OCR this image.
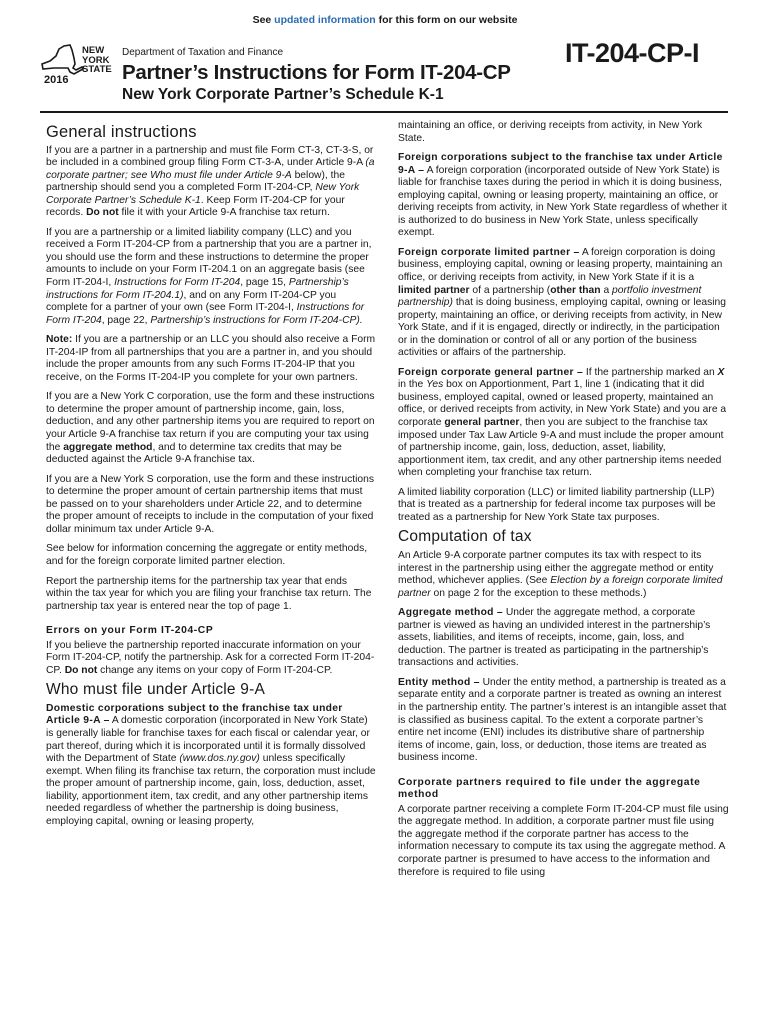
See updated information for this form on our website
NEW
YORK
STATE
2016
Department of Taxation and Finance	IT-204-CP-I
Partner’s Instructions for Form IT-204-CP
New York Corporate Partner’s Schedule K-1
General instructions

If you are a partner in a partnership and must file Form CT-3, CT-3-S, or be included in a combined group filing Form CT-3-A, under Article 9-A (a corporate partner; see Who must file under Article 9-A below), the partnership should send you a completed Form IT-204-CP, New York Corporate Partner’s Schedule K-1. Keep Form IT-204-CP for your records. Do not file it with your Article 9-A franchise tax return.

If you are a partnership or a limited liability company (LLC) and you received a Form IT-204-CP from a partnership that you are a partner in, you should use the form and these instructions to determine the proper amounts to include on your Form IT-204.1 on an aggregate basis (see Form IT-204-I, Instructions for Form IT-204, page 15, Partnership’s instructions for Form IT-204.1), and on any Form IT-204-CP you complete for a partner of your own (see Form IT-204-I, Instructions for Form IT-204, page 22, Partnership’s instructions for Form IT-204-CP).

Note: If you are a partnership or an LLC you should also receive a Form IT-204-IP from all partnerships that you are a partner in, and you should include the proper amounts from any such Forms IT-204-IP that you receive, on the Forms IT-204-IP you complete for your own partners.

If you are a New York C corporation, use the form and these instructions to determine the proper amount of partnership income, gain, loss, deduction, and any other partnership items you are required to report on your Article 9-A franchise tax return if you are computing your tax using the aggregate method, and to determine tax credits that may be deducted against the Article 9-A franchise tax.

If you are a New York S corporation, use the form and these instructions to determine the proper amount of certain partnership items that must be passed on to your shareholders under Article 22, and to determine the proper amount of receipts to include in the computation of your fixed dollar minimum tax under Article 9-A.

See below for information concerning the aggregate or entity methods, and for the foreign corporate limited partner election.

Report the partnership items for the partnership tax year that ends within the tax year for which you are filing your franchise tax return. The partnership tax year is entered near the top of page 1.

Errors on your Form IT-204-CP

If you believe the partnership reported inaccurate information on your Form IT-204-CP, notify the partnership. Ask for a corrected Form IT-204-CP. Do not change any items on your copy of Form IT-204-CP.

Who must file under Article 9-A

Domestic corporations subject to the franchise tax under Article 9-A – A domestic corporation (incorporated in New York State) is generally liable for franchise taxes for each fiscal or calendar year, or part thereof, during which it is incorporated until it is formally dissolved with the Department of State (www.dos.ny.gov) unless specifically exempt. When filing its franchise tax return, the corporation must include the proper amount of partnership income, gain, loss, deduction, asset, liability, apportionment item, tax credit, and any other partnership items needed regardless of whether the partnership is doing business, employing capital, owning or leasing property,

maintaining an office, or deriving receipts from activity, in New York State.

Foreign corporations subject to the franchise tax under Article 9-A – A foreign corporation (incorporated outside of New York State) is liable for franchise taxes during the period in which it is doing business, employing capital, owning or leasing property, maintaining an office, or deriving receipts from activity, in New York State regardless of whether it is authorized to do business in New York State, unless specifically exempt.

Foreign corporate limited partner – A foreign corporation is doing business, employing capital, owning or leasing property, maintaining an office, or deriving receipts from activity, in New York State if it is a limited partner of a partnership (other than a portfolio investment partnership) that is doing business, employing capital, owning or leasing property, maintaining an office, or deriving receipts from activity, in New York State, and if it is engaged, directly or indirectly, in the participation or in the domination or control of all or any portion of the business activities or affairs of the partnership.

Foreign corporate general partner – If the partnership marked an X in the Yes box on Apportionment, Part 1, line 1 (indicating that it did business, employed capital, owned or leased property, maintained an office, or derived receipts from activity, in New York State) and you are a corporate general partner, then you are subject to the franchise tax imposed under Tax Law Article 9-A and must include the proper amount of partnership income, gain, loss, deduction, asset, liability, apportionment item, tax credit, and any other partnership items needed when completing your franchise tax return.

A limited liability corporation (LLC) or limited liability partnership (LLP) that is treated as a partnership for federal income tax purposes will be treated as a partnership for New York State tax purposes.

Computation of tax

An Article 9-A corporate partner computes its tax with respect to its interest in the partnership using either the aggregate method or entity method, whichever applies. (See Election by a foreign corporate limited partner on page 2 for the exception to these methods.)

Aggregate method – Under the aggregate method, a corporate partner is viewed as having an undivided interest in the partnership’s assets, liabilities, and items of receipts, income, gain, loss, and deduction. The partner is treated as participating in the partnership’s transactions and activities.

Entity method – Under the entity method, a partnership is treated as a separate entity and a corporate partner is treated as owning an interest in the partnership entity. The partner’s interest is an intangible asset that is classified as business capital. To the extent a corporate partner’s entire net income (ENI) includes its distributive share of partnership items of income, gain, loss, or deduction, those items are treated as business income.

Corporate partners required to file under the aggregate method

A corporate partner receiving a complete Form IT-204-CP must file using the aggregate method. In addition, a corporate partner must file using the aggregate method if the corporate partner has access to the information necessary to compute its tax using the aggregate method. A corporate partner is presumed to have access to the information and therefore is required to file using
